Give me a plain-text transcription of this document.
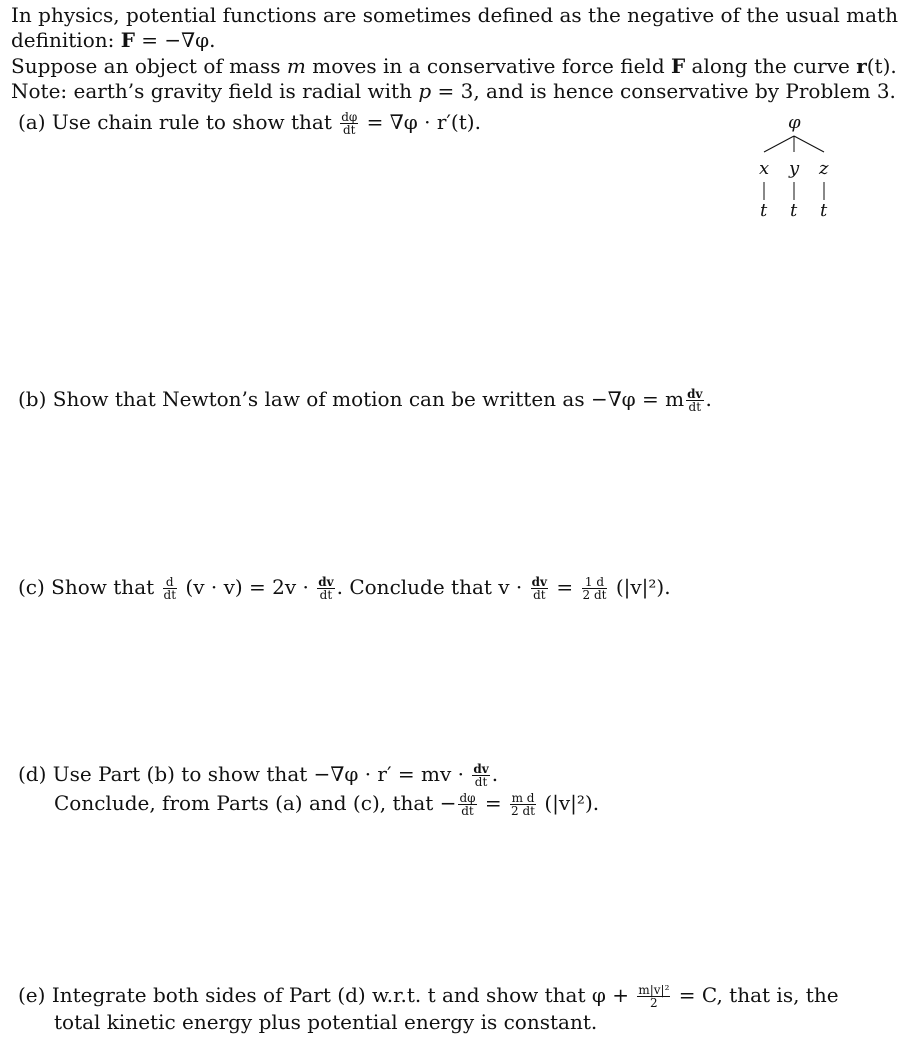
In physics, potential functions are sometimes defined as the negative of the usual math
definition: F = −∇φ.
Suppose an object of mass m moves in a conservative force field F along the curve r(t).
Note: earth’s gravity field is radial with p = 3, and is hence conservative by Problem 3.
(a) Use chain rule to show that $\frac{d\varphi}{dt} = \nabla\varphi \cdot r'(t)$.	φ
x y z
t t t
(b) Show that Newton’s law of motion can be written as −∇φ = m $\frac{dv}{dt}$ .
(c) Show that $\frac{d}{dt} (v \cdot v) = 2v \cdot \frac{dv}{dt}$ . Conclude that $v \cdot \frac{dv}{dt} = \frac{1 d}{2 dt} (|v|^2)$.
(d) Use Part (b) to show that −∇φ · r′ = mv · $\frac{dv}{dt}$ .
Conclude, from Parts (a) and (c), that − $\frac{d\varphi}{dt} = \frac{\text{m d}}{2 dt} (|v|^2)$.
(e) Integrate both sides of Part (d) w.r.t. t and show that $\varphi + \frac{\text{m|v|²}}{2} = C$, that is, the
total kinetic energy plus potential energy is constant.
